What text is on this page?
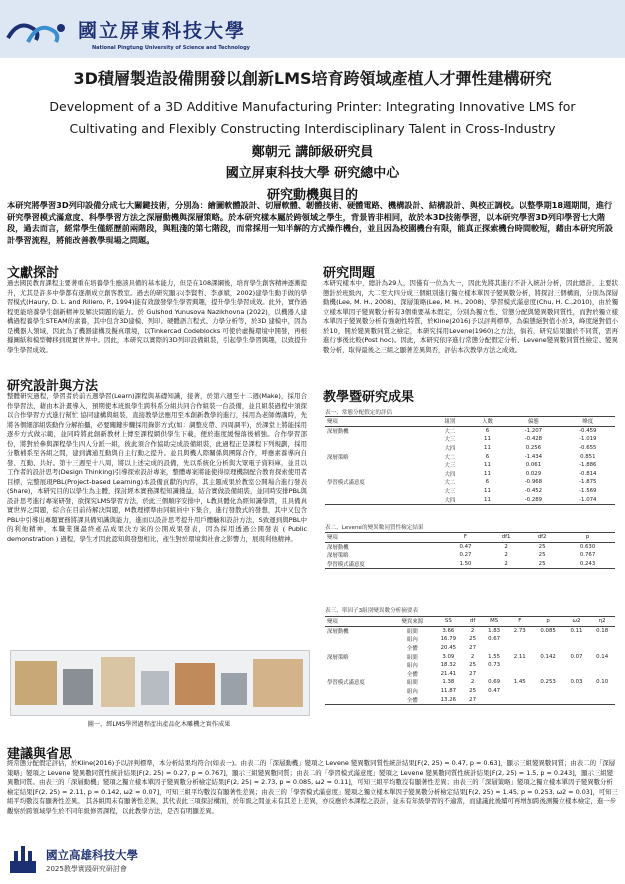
國立屏東科技大學
National Pingtung University of Science and Technology
3D積層製造設備開發以創新LMS培育跨領域產植人才彈性建構研究
Development of a 3D Additive Manufacturing Printer: Integrating Innovative LMS for
Cultivating and Flexibly Constructing Interdisciplinary Talent in Cross-Industry
鄭朝元 講師級研究員
國立屏東科技大學 研究總中心
研究動機與目的
本研究將學習3D列印設備分成七大關鍵技術，分別為：繪圖軟體設計、切層軟體、韌體技術、硬體電路、機構設計、結構設計、與校正調校。以整學期18週期間，進行研究學習模式滿意度、科學學習方法之深層動機與深層策略。於本研究樣本屬於跨領域之學生，背景皆非相同，故於本3D技術學習，以本研究學習3D列印學習七大階段，過去而言，經常學生僅經歷前兩階段，與粗淺的第七階段，而常採用一知半解的方式操作機台，並且因為校園機台有限，能真正探索機台時間較短，藉由本研究所設計學習流程，將能改善教學現場之問題。
文獻探討
過去國民教育課程主要著重在培養學生應該具備的基本能力，但是在108課綱後，培育學生創客精神逐漸提升，尤其是許多中學都有逐漸成立創客教室。過去的研究顯示(李賢哲、李彥斌，2002)建學生動手做的學習模式(Haury, D. L. and Rillero, P., 1994)能有效激發學生學習興趣，提升學生學習成效。此外，實作過程更能培養學生創新精神及解決問題的能力。於 Gulshod Yunusova Nazikhovna (2022)，以機器人建構過程養學生STEAM的素養，其中包含3D建模、列印、硬體語言程式、力學分析等，於3D 建模中，因為是機器人領域，因此為了機器建構及擬真環境，以Tinkercad Codeblocks 可使於虛擬環境中開發，再根據圖紙和模型轉移到現實世界中。因此，本研究以實際的3D列印設備組裝，引起學生學習興趣，以致提升學生學習成效。
研究設計與方法
整體研究過程，學習者於前五週學習(Learn)課程與基礎知識，接著，於第六週至十二週(Make)，採用合作學習法，藉由本計畫導入，預期使本班級學生跨科系分組共同合作組裝一台設備，並且組裝過程中須探以合作學習方式進行幫忙 協同建構與組裝，直接教學法應用至本創新教學的進行，採用為老師傳講時，先將各個細部組裝動作分解拍攝，必要關鍵步驟採用錄影方式(如：調整皮帶、四周調平)，於課堂上將能採用逐步方式做示範，並同時將此創新教材上傳至課程網供學生下載，便於進度緩慢落後補強。合作學習部份，將對於參與課程學生四人分派一組，彼此須合作協助完成設備組裝，此過程正是課程下列規劃，採用分數補系至各組之間，建到溝通互動與自主行動之提升。並且與機人際關係與團隊合作，呼應素養導向自發、互動、共好。第十三週至十八周，將以上述完成的設備，先以系統化分析與大眾電子資料庫，並且以工作者的設計思考(Design Thinking)引導探索設計專案，整體專案將能使得原理機制配合教育探索使用者目標，完整展現PBL(Project-based Learning)本設備貢獻的內容，其主題成果於教室公開場合進行發表(Share)，本研究目的以學生為主體，探討經本實務課程知識獲益，結合實做設備組裝，並同時安排PBL與設計思考進行專案研發，欲探究LMS學習方法，於此三個順序安排中，L教具體化為經知識學習，且具備真實世界之問題，綜合在目前待解決問題，M教理標準由同組員中下集合，進行發散式的發想，其中又包含PBL中引導出專題實務將課具備知識與能力，進而以設計思考提升用戶體驗和設計方法，S致運到與PBL中的利他精神，本職業獲最終產品成果決方案的公開成果發表，因為採用透過公開發表 ( Public demonstration ) 過程，學生才因此認知與發想相比，產生對於環境與社會之影響力，展現利他精神。
圖一、經LMS學習過程產出產品化木雕機之實作成果
研究問題
本研究樣本中，總計為29人，因僅有一位為大一，因此先將其進行不計入統計分析，因此總計，主要狀態針於班級內，大二至大四分成三個組別進行獨立樣本單因子變異數分析，將探討三個構面，分別為深層動機(Lee, M. H., 2008)、深層策略(Lee, M. H., 2008)、學習模式滿意度(Chu, H. C.,2010)，由於獨立樣本單因子變異數分析有3個重要基本假定，分別為獨立性、常態分配與變異數同質性，而對於獨立樣本單因子變異數分析有強韌性特質，於Kline(2016)予以評判標準，為偏態絕對值小於3，峰度絕對值小於10，開於變異數同質之檢定，本研究採用Levene(1960)之方法，倘若，研究結果顯於不同質，需再進行事後比較(Post hoc)。因此，本研究依序進行常態分配假定分析、Levene變異數同質性檢定、變異數分析，取得最後之三組之顯著差異與否，評估本次教學方法之成效。
教學暨研究成果
表一、常態分配假定的評估
變項	組別	人數	偏態	峰度
深層動機	大二	6	-1.207	-0.459
	大三	11	-0.428	-1.019
	大四	11	0.256	-0.655
深層策略	大二	6	-1.434	0.851
	大三	11	0.061	-1.886
	大四	11	0.029	-0.814
學習模式滿意度	大二	6	-0.968	-1.875
	大三	11	-0.452	-1.569
	大四	11	-0.289	-1.074
表二、Levene的變異數同質性檢定結果
變項	F	df1	df2	p
深層動機	0.47	2	25	0.630
深層策略	0.27	2	25	0.767
學習模式滿意度	1.50	2	25	0.243
表三、單因子3組別變異數分析摘要表
變項	變異來源	SS	df	MS	F	p	ω2	η2
深層動機	組間	3.66	2	1.83	2.73	0.085	0.11	0.18
	組內	16.79	25	0.67				
	全體	20.45	27					
深層策略	組間	3.09	2	1.55	2.11	0.142	0.07	0.14
	組內	18.32	25	0.73				
	全體	21.41	27					
學習模式滿意度	組間	1.38	2	0.69	1.45	0.253	0.03	0.10
	組內	11.87	25	0.47				
	全體	13.26	27					
建議與省思
經常態分配假定評估，於Kline(2016)予以評判標準，本分析結果均符合(如表一)。由表二的「深層動機」變項之 Levene 變異數同質性統計結果[F(2, 25) = 0.47, p = 0.63]，顯示三組變異數同質；由表二的「深層策略」變項之 Levene 變異數同質性統計結果[F(2, 25) = 0.27, p = 0.767]，顯示三組變異數同質；由表二的「學習模式滿意度」變項之 Levene 變異數同質性統計結果[F(2, 25) = 1.5, p = 0.243]，顯示三組變異數同質。由表三的「深層動機」變項之獨立樣本單因子變異數分析檢定結果[F(2, 25) = 2.73, p = 0.085, ω2 = 0.11]，可知三組平均數沒有顯著性差異；由表三的「深層策略」變項之獨立樣本單因子變異數分析檢定結果[F(2, 25) = 2.11, p = 0.142, ω2 = 0.07]，可知三組平均數沒有顯著性差異；由表三的「學習模式滿意度」變項之獨立樣本單因子變異數分析檢定結果[F(2, 25) = 1.45, p = 0.253, ω2 = 0.03]，可知三組平均數沒有顯著性差異。 其各組間未有顯著性差異，其代表此三項探討構面，於年級之間並未有其差上差異，亦反應於本課程之設計，並未有年級學習的不適當，而建議此後續可再增加跨後測獨立樣本檢定，進一步觀察於跨領域學生於不同年級修習課程，以此教學方法，是否有明顯差異。
國立高雄科技大學
2025教學實踐研究研討會
